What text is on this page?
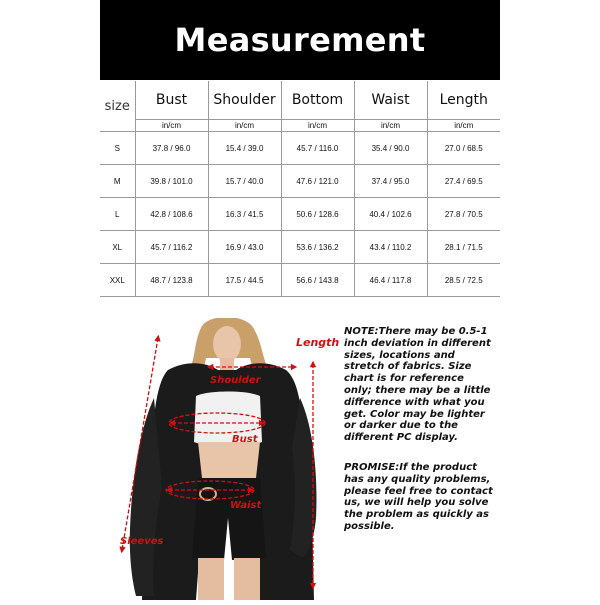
Measurement
size	Bust	Shoulder	Bottom	Waist	Length
	in/cm	in/cm	in/cm	in/cm	in/cm
S	37.8 / 96.0	15.4 / 39.0	45.7 / 116.0	35.4 / 90.0	27.0 / 68.5
M	39.8 / 101.0	15.7 / 40.0	47.6 / 121.0	37.4 / 95.0	27.4 / 69.5
L	42.8 / 108.6	16.3 / 41.5	50.6 / 128.6	40.4 / 102.6	27.8 / 70.5
XL	45.7 / 116.2	16.9 / 43.0	53.6 / 136.2	43.4 / 110.2	28.1 / 71.5
XXL	48.7 / 123.8	17.5 / 44.5	56.6 / 143.8	46.4 / 117.8	28.5 / 72.5
Length
Shoulder
Bust
Waist
Sleeves

NOTE:There may be 0.5-1 inch deviation in different sizes, locations and stretch of fabrics. Size chart is for reference only; there may be a little difference with what you get. Color may be lighter or darker due to the different PC display.

PROMISE:If the product has any quality problems, please feel free to contact us, we will help you solve the problem as quickly as possible.
